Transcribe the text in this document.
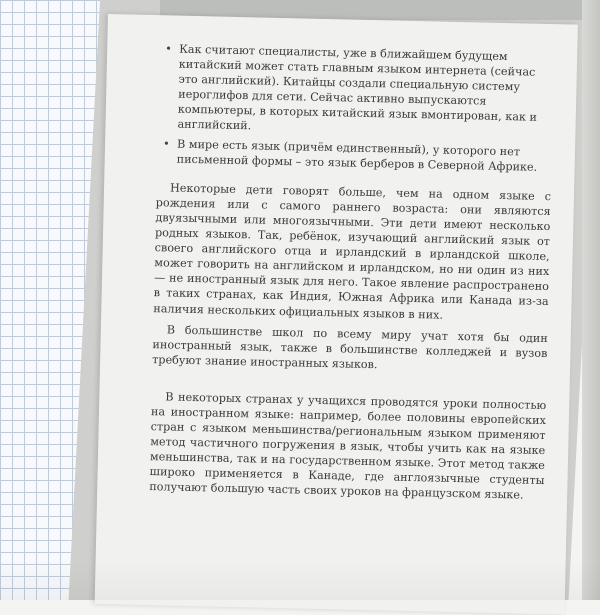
• Как считают специалисты, уже в ближайшем будущем китайский может стать главным языком интернета (сейчас это английский). Китайцы создали специальную систему иероглифов для сети. Сейчас активно выпускаются компьютеры, в которых китайский язык вмонтирован, как и английский.
• В мире есть язык (причём единственный), у которого нет письменной формы – это язык берберов в Северной Африке.

Некоторые дети говорят больше, чем на одном языке с рождения или с самого раннего возраста: они являются двуязычными или многоязычными. Эти дети имеют несколько родных языков. Так, ребёнок, изучающий английский язык от своего английского отца и ирландский в ирландской школе, может говорить на английском и ирландском, но ни один из них — не иностранный язык для него. Такое явление распространено в таких странах, как Индия, Южная Африка или Канада из-за наличия нескольких официальных языков в них.

В большинстве школ по всему миру учат хотя бы один иностранный язык, также в большинстве колледжей и вузов требуют знание иностранных языков.

В некоторых странах у учащихся проводятся уроки полностью на иностранном языке: например, более половины европейских стран с языком меньшинства/региональным языком применяют метод частичного погружения в язык, чтобы учить как на языке меньшинства, так и на государственном языке. Этот метод также широко применяется в Канаде, где англоязычные студенты получают большую часть своих уроков на французском языке.
